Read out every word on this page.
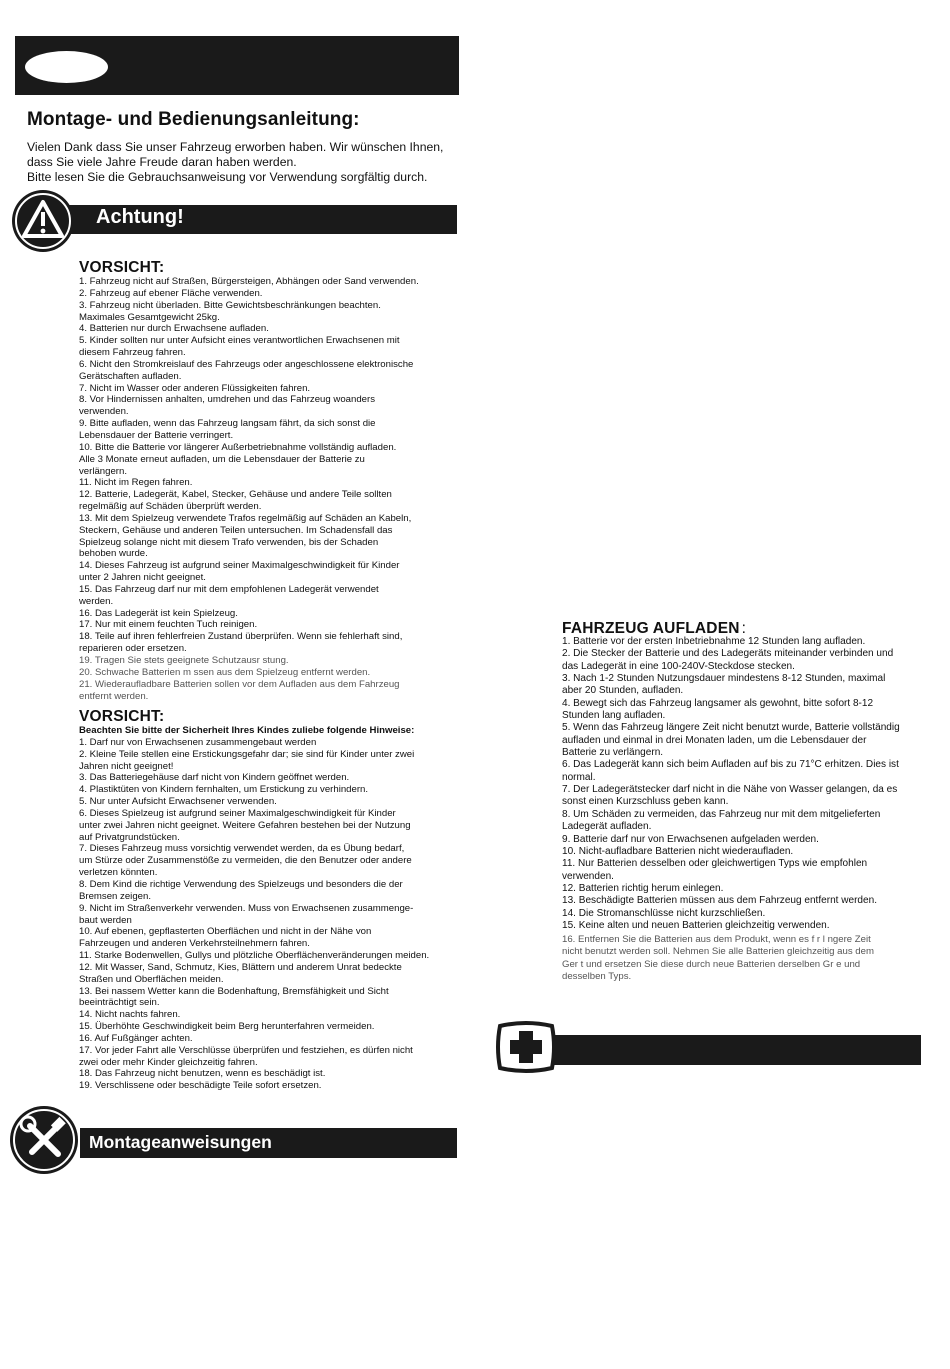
Montage- und Bedienungsanleitung:
Vielen Dank dass Sie unser Fahrzeug erworben haben. Wir wünschen Ihnen,
dass Sie viele Jahre Freude daran haben werden.
Bitte lesen Sie die Gebrauchsanweisung vor Verwendung sorgfältig durch.
Achtung!
VORSICHT:
1. Fahrzeug nicht auf Straßen, Bürgersteigen, Abhängen oder Sand verwenden.
2. Fahrzeug auf ebener Fläche verwenden.
3. Fahrzeug nicht überladen. Bitte Gewichtsbeschränkungen beachten.
Maximales Gesamtgewicht 25kg.
4. Batterien nur durch Erwachsene aufladen.
5. Kinder sollten nur unter Aufsicht eines verantwortlichen Erwachsenen mit
diesem Fahrzeug fahren.
6. Nicht den Stromkreislauf des Fahrzeugs oder angeschlossene elektronische
Gerätschaften aufladen.
7. Nicht im Wasser oder anderen Flüssigkeiten fahren.
8. Vor Hindernissen anhalten, umdrehen und das Fahrzeug woanders
verwenden.
9. Bitte aufladen, wenn das Fahrzeug langsam fährt, da sich sonst die
Lebensdauer der Batterie verringert.
10. Bitte die Batterie vor längerer Außerbetriebnahme vollständig aufladen.
Alle 3 Monate erneut aufladen, um die Lebensdauer der Batterie zu
verlängern.
11. Nicht im Regen fahren.
12. Batterie, Ladegerät, Kabel, Stecker, Gehäuse und andere Teile sollten
regelmäßig auf Schäden überprüft werden.
13. Mit dem Spielzeug verwendete Trafos regelmäßig auf Schäden an Kabeln,
Steckern, Gehäuse und anderen Teilen untersuchen. Im Schadensfall das
Spielzeug solange nicht mit diesem Trafo verwenden, bis der Schaden
behoben wurde.
14. Dieses Fahrzeug ist aufgrund seiner Maximalgeschwindigkeit für Kinder
unter 2 Jahren nicht geeignet.
15. Das Fahrzeug darf nur mit dem empfohlenen Ladegerät verwendet
werden.
16. Das Ladegerät ist kein Spielzeug.
17. Nur mit einem feuchten Tuch reinigen.
18. Teile auf ihren fehlerfreien Zustand überprüfen. Wenn sie fehlerhaft sind,
reparieren oder ersetzen.
19. Tragen Sie stets geeignete Schutzausr stung.
20. Schwache Batterien m ssen aus dem Spielzeug entfernt werden.
21. Wiederaufladbare Batterien sollen vor dem Aufladen aus dem Fahrzeug
entfernt werden.
VORSICHT:
Beachten Sie bitte der Sicherheit Ihres Kindes zuliebe folgende Hinweise:
1. Darf nur von Erwachsenen zusammengebaut werden
2. Kleine Teile stellen eine Erstickungsgefahr dar; sie sind für Kinder unter zwei
Jahren nicht geeignet!
3. Das Batteriegehäuse darf nicht von Kindern geöffnet werden.
4. Plastiktüten von Kindern fernhalten, um Erstickung zu verhindern.
5. Nur unter Aufsicht Erwachsener verwenden.
6. Dieses Spielzeug ist aufgrund seiner Maximalgeschwindigkeit für Kinder
unter zwei Jahren nicht geeignet. Weitere Gefahren bestehen bei der Nutzung
auf Privatgrundstücken.
7. Dieses Fahrzeug muss vorsichtig verwendet werden, da es Übung bedarf,
um Stürze oder Zusammenstöße zu vermeiden, die den Benutzer oder andere
verletzen könnten.
8. Dem Kind die richtige Verwendung des Spielzeugs und besonders die der
Bremsen zeigen.
9. Nicht im Straßenverkehr verwenden. Muss von Erwachsenen zusammenge-
baut werden
10. Auf ebenen, gepflasterten Oberflächen und nicht in der Nähe von
Fahrzeugen und anderen Verkehrsteilnehmern fahren.
11. Starke Bodenwellen, Gullys und plötzliche Oberflächenveränderungen meiden.
12. Mit Wasser, Sand, Schmutz, Kies, Blättern und anderem Unrat bedeckte
Straßen und Oberflächen meiden.
13. Bei nassem Wetter kann die Bodenhaftung, Bremsfähigkeit und Sicht
beeinträchtigt sein.
14. Nicht nachts fahren.
15. Überhöhte Geschwindigkeit beim Berg herunterfahren vermeiden.
16. Auf Fußgänger achten.
17. Vor jeder Fahrt alle Verschlüsse überprüfen und festziehen, es dürfen nicht
zwei oder mehr Kinder gleichzeitig fahren.
18. Das Fahrzeug nicht benutzen, wenn es beschädigt ist.
19. Verschlissene oder beschädigte Teile sofort ersetzen.
Montageanweisungen
FAHRZEUG AUFLADEN :
1. Batterie vor der ersten Inbetriebnahme 12 Stunden lang aufladen.
2. Die Stecker der Batterie und des Ladegeräts miteinander verbinden und
das Ladegerät in eine 100-240V-Steckdose stecken.
3. Nach 1-2 Stunden Nutzungsdauer mindestens 8-12 Stunden, maximal
aber 20 Stunden, aufladen.
4. Bewegt sich das Fahrzeug langsamer als gewohnt, bitte sofort 8-12
Stunden lang aufladen.
5. Wenn das Fahrzeug längere Zeit nicht benutzt wurde, Batterie vollständig
aufladen und einmal in drei Monaten laden, um die Lebensdauer der
Batterie zu verlängern.
6. Das Ladegerät kann sich beim Aufladen auf bis zu 71°C erhitzen. Dies ist
normal.
7. Der Ladegerätstecker darf nicht in die Nähe von Wasser gelangen, da es
sonst einen Kurzschluss geben kann.
8. Um Schäden zu vermeiden, das Fahrzeug nur mit dem mitgelieferten
Ladegerät aufladen.
9. Batterie darf nur von Erwachsenen aufgeladen werden.
10. Nicht-aufladbare Batterien nicht wiederaufladen.
11. Nur Batterien desselben oder gleichwertigen Typs wie empfohlen
verwenden.
12. Batterien richtig herum einlegen.
13. Beschädigte Batterien müssen aus dem Fahrzeug entfernt werden.
14. Die Stromanschlüsse nicht kurzschließen.
15. Keine alten und neuen Batterien gleichzeitig verwenden.
16. Entfernen Sie die Batterien aus dem Produkt, wenn es f r l ngere Zeit
nicht benutzt werden soll. Nehmen Sie alle Batterien gleichzeitig aus dem
Ger t und ersetzen Sie diese durch neue Batterien derselben Gr e und
desselben Typs.
